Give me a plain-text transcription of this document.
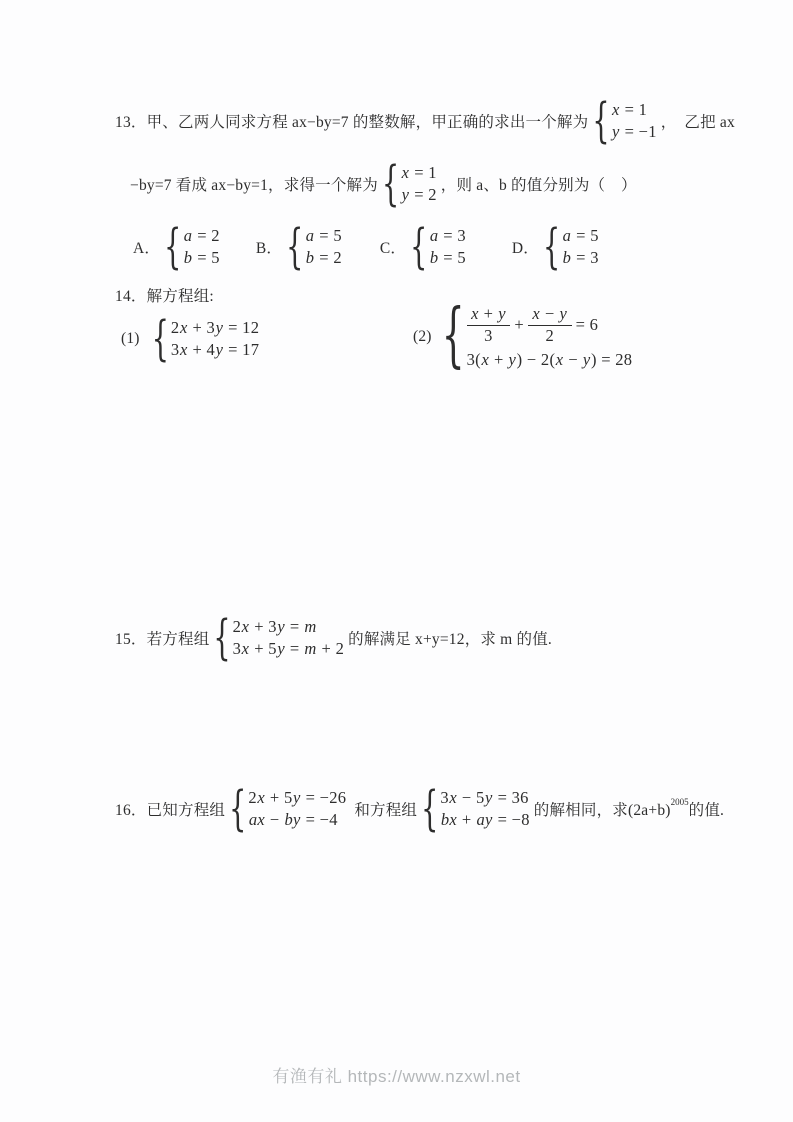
13． 甲、乙两人同求方程 ax−by=7 的整数解，甲正确的求出一个解为 { x = 1
y = −1 ，　乙把 ax
−by=7 看成 ax−by=1，求得一个解为 { x = 1
y = 2 ，则 a、b 的值分别为（　）
A． { a = 2
b = 5 B． { a = 5
b = 2 C． { a = 3
b = 5	D． { a = 5
b = 3
14． 解方程组:
(1) { 2x + 3y = 12
3x + 4y = 17
(2) { $\frac{x + y}{3} + \frac{x - y}{2} = 6$
3(x + y) − 2(x − y) = 28
15． 若方程组 { 2x + 3y = m
3x + 5y = m + 2 的解满足 x+y=12，求 m 的值.
16． 已知方程组 { 2x + 5y = −26
ax − by = −4	和方程组 { 3x − 5y = 36
bx + ay = −8 的解相同，求(2a+b) 2005 的值.
有渔有礼 https://www.nzxwl.net
